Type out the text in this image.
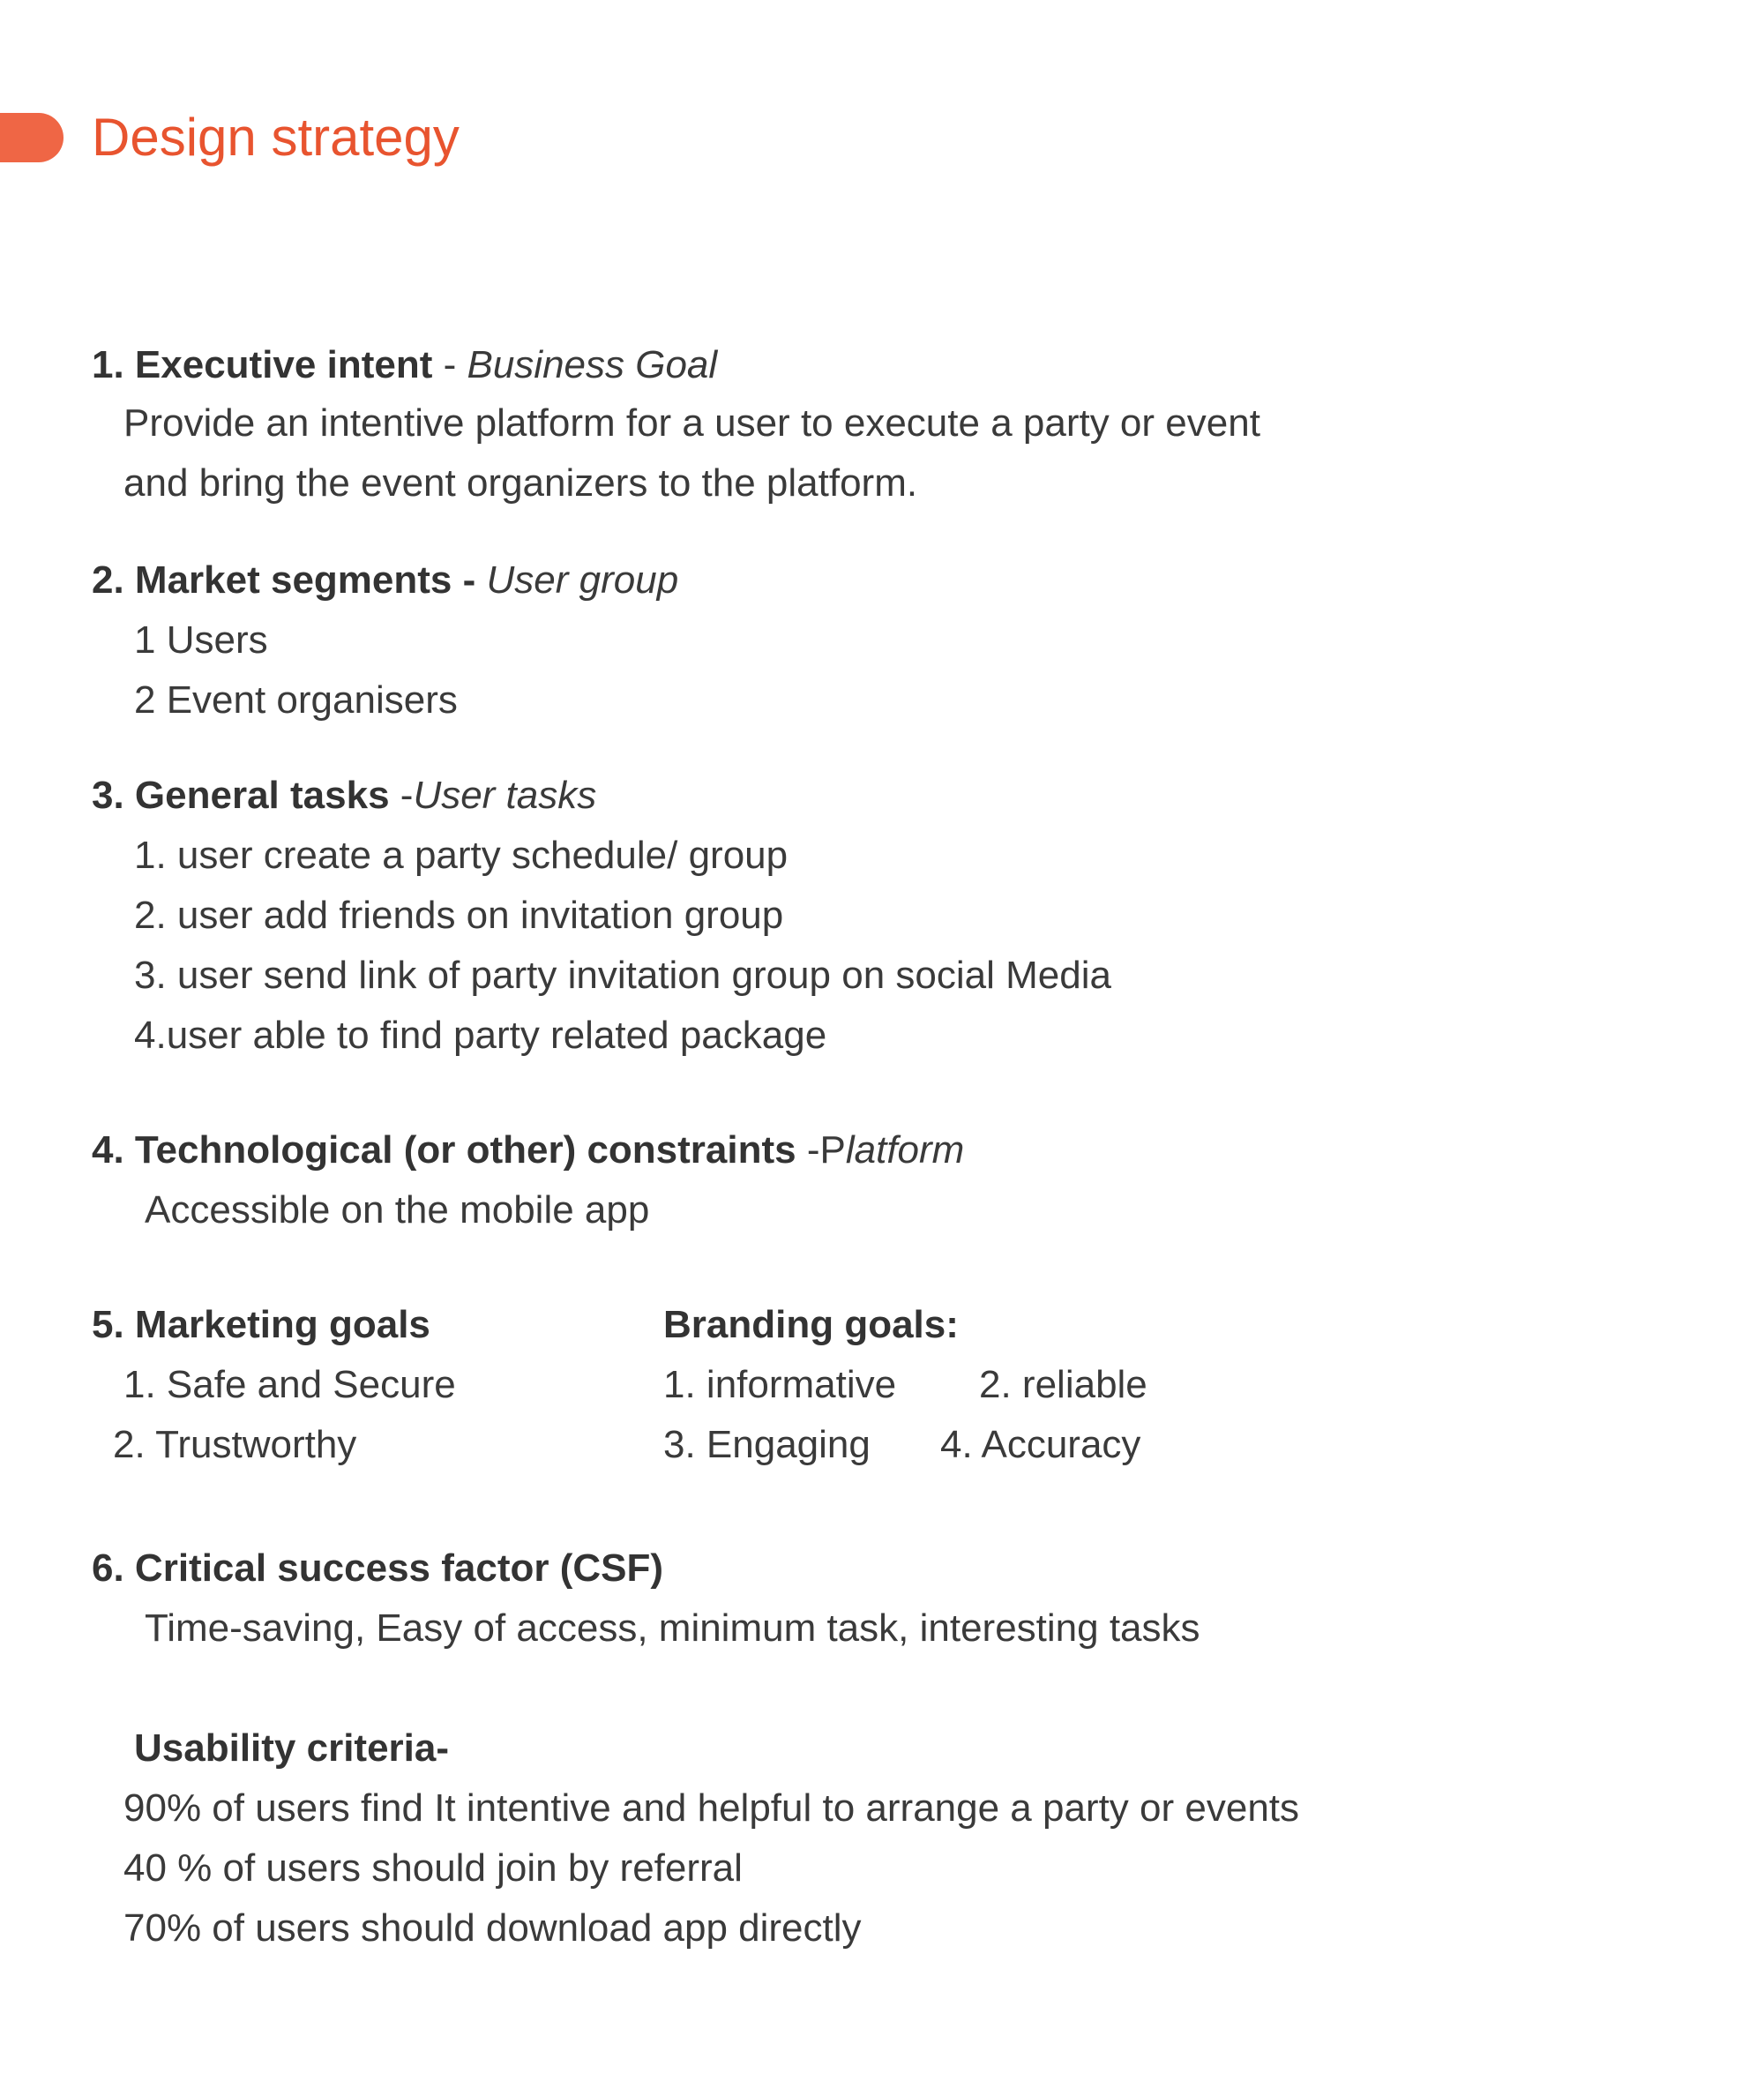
Design strategy
1. Executive intent - Business Goal
Provide an intentive platform for a user to execute a party or event
and bring the event organizers to the platform.
2. Market segments - User group
1 Users
2 Event organisers
3. General tasks -User tasks
1. user create a party schedule/ group
2. user add friends on invitation group
3. user send link of party invitation group on social Media
4.user able to find party related package
4. Technological (or other) constraints -Platform
Accessible on the mobile app
5. Marketing goals
1. Safe and Secure
2. Trustworthy
Branding goals:
1. informative 2. reliable
3. Engaging 4. Accuracy
6. Critical success factor (CSF)
Time-saving, Easy of access, minimum task, interesting tasks
Usability criteria-
90% of users find It intentive and helpful to arrange a party or events
40 % of users should join by referral
70% of users should download app directly
